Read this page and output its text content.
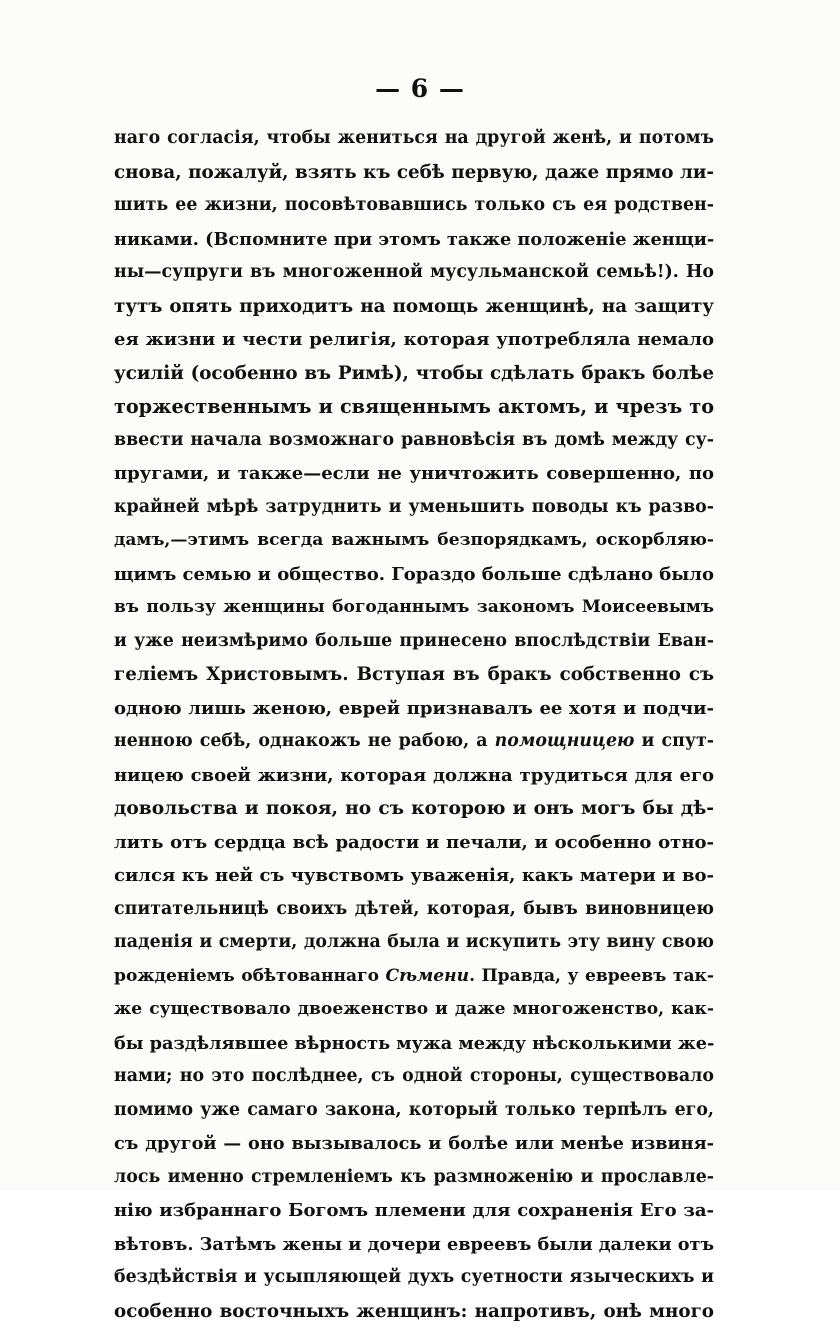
— 6 —
наго согласія, чтобы жениться на другой женѣ, и потомъ
снова, пожалуй, взять къ себѣ первую, даже прямо ли-
шить ее жизни, посовѣтовавшись только съ ея родствен-
никами. (Вспомните при этомъ также положеніе женщи-
ны—супруги въ многоженной мусульманской семьѣ!). Но
тутъ опять приходитъ на помощь женщинѣ, на защиту
ея жизни и чести религія, которая употребляла немало
усилій (особенно въ Римѣ), чтобы сдѣлать бракъ болѣе
торжественнымъ и священнымъ актомъ, и чрезъ то
ввести начала возможнаго равновѣсія въ домѣ между су-
пругами, и также—если не уничтожить совершенно, по
крайней мѣрѣ затруднить и уменьшить поводы къ разво-
дамъ,—этимъ всегда важнымъ безпорядкамъ, оскорбляю-
щимъ семью и общество. Гораздо больше сдѣлано было
въ пользу женщины богоданнымъ закономъ Моисеевымъ
и уже неизмѣримо больше принесено впослѣдствіи Еван-
геліемъ Христовымъ. Вступая въ бракъ собственно съ
одною лишь женою, еврей признавалъ ее хотя и подчи-
ненною себѣ, однакожъ не рабою, а помощницею и спут-
ницею своей жизни, которая должна трудиться для его
довольства и покоя, но съ которою и онъ могъ бы дѣ-
лить отъ сердца всѣ радости и печали, и особенно отно-
сился къ ней съ чувствомъ уваженія, какъ матери и во-
спитательницѣ своихъ дѣтей, которая, бывъ виновницею
паденія и смерти, должна была и искупить эту вину свою
рожденіемъ обѣтованнаго Сѣмени. Правда, у евреевъ так-
же существовало двоеженство и даже многоженство, как-
бы раздѣлявшее вѣрность мужа между нѣсколькими же-
нами; но это послѣднее, съ одной стороны, существовало
помимо уже самаго закона, который только терпѣлъ его,
съ другой — оно вызывалось и болѣе или менѣе извиня-
лось именно стремленіемъ къ размноженію и прославле-
нію избраннаго Богомъ племени для сохраненія Его за-
вѣтовъ. Затѣмъ жены и дочери евреевъ были далеки отъ
бездѣйствія и усыпляющей духъ суетности языческихъ и
особенно восточныхъ женщинъ: напротивъ, онѣ много
